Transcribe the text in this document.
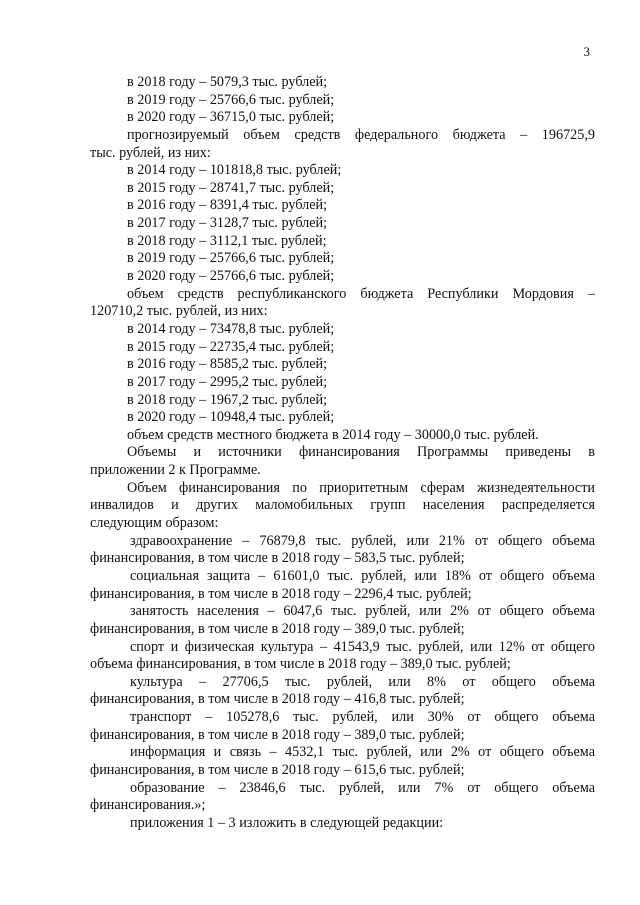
3
в 2018 году – 5079,3 тыс. рублей;
в 2019 году – 25766,6 тыс. рублей;
в 2020 году – 36715,0 тыс. рублей;
прогнозируемый объем средств федерального бюджета – 196725,9
тыс. рублей, из них:
в 2014 году – 101818,8 тыс. рублей;
в 2015 году – 28741,7 тыс. рублей;
в 2016 году – 8391,4 тыс. рублей;
в 2017 году – 3128,7 тыс. рублей;
в 2018 году – 3112,1 тыс. рублей;
в 2019 году – 25766,6 тыс. рублей;
в 2020 году – 25766,6 тыс. рублей;
объем средств республиканского бюджета Республики Мордовия –
120710,2 тыс. рублей, из них:
в 2014 году – 73478,8 тыс. рублей;
в 2015 году – 22735,4 тыс. рублей;
в 2016 году – 8585,2 тыс. рублей;
в 2017 году – 2995,2 тыс. рублей;
в 2018 году – 1967,2 тыс. рублей;
в 2020 году – 10948,4 тыс. рублей;
объем средств местного бюджета в 2014 году – 30000,0 тыс. рублей.
Объемы и источники финансирования Программы приведены в
приложении 2 к Программе.
Объем финансирования по приоритетным сферам жизнедеятельности
инвалидов и других маломобильных групп населения распределяется
следующим образом:
здравоохранение – 76879,8 тыс. рублей, или 21% от общего объема
финансирования, в том числе в 2018 году – 583,5 тыс. рублей;
социальная защита – 61601,0 тыс. рублей, или 18% от общего объема
финансирования, в том числе в 2018 году – 2296,4 тыс. рублей;
занятость населения – 6047,6 тыс. рублей, или 2% от общего объема
финансирования, в том числе в 2018 году – 389,0 тыс. рублей;
спорт и физическая культура – 41543,9 тыс. рублей, или 12% от общего
объема финансирования, в том числе в 2018 году – 389,0 тыс. рублей;
культура – 27706,5 тыс. рублей, или 8% от общего объема
финансирования, в том числе в 2018 году – 416,8 тыс. рублей;
транспорт – 105278,6 тыс. рублей, или 30% от общего объема
финансирования, в том числе в 2018 году – 389,0 тыс. рублей;
информация и связь – 4532,1 тыс. рублей, или 2% от общего объема
финансирования, в том числе в 2018 году – 615,6 тыс. рублей;
образование – 23846,6 тыс. рублей, или 7% от общего объема
финансирования.»;
приложения 1 – 3 изложить в следующей редакции:
